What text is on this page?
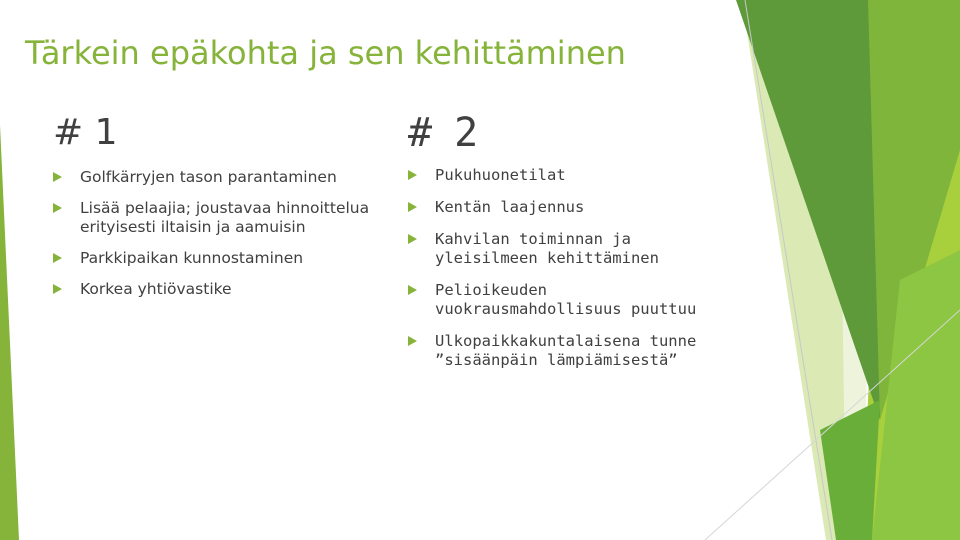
Tärkein epäkohta ja sen kehittäminen
# 1
Golfkärryjen tason parantaminen
Lisää pelaajia; joustavaa hinnoittelua erityisesti iltaisin ja aamuisin
Parkkipaikan kunnostaminen
Korkea yhtiövastike
# 2
Pukuhuonetilat
Kentän laajennus
Kahvilan toiminnan ja yleisilmeen kehittäminen
Pelioikeuden vuokrausmahdollisuus puuttuu
Ulkopaikkakuntalaisena tunne ”sisäänpäin lämpiämisestä”
